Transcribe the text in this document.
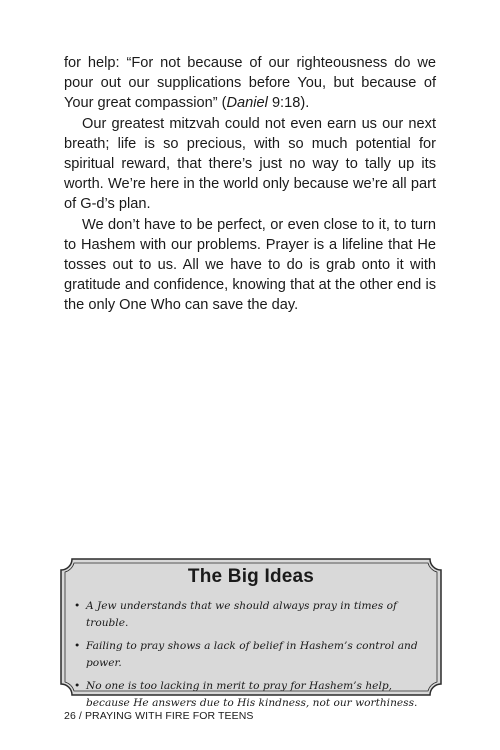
for help: “For not because of our righteousness do we pour out our supplications before You, but because of Your great compassion” (Daniel 9:18).

Our greatest mitzvah could not even earn us our next breath; life is so precious, with so much potential for spiritual reward, that there’s just no way to tally up its worth. We’re here in the world only because we’re all part of G-d’s plan.

We don’t have to be perfect, or even close to it, to turn to Hashem with our problems. Prayer is a lifeline that He tosses out to us. All we have to do is grab onto it with gratitude and confidence, knowing that at the other end is the only One Who can save the day.

The Big Ideas
• A Jew understands that we should always pray in times of trouble.
• Failing to pray shows a lack of belief in Hashem’s control and power.
• No one is too lacking in merit to pray for Hashem’s help, because He answers due to His kindness, not our worthiness.
26 / PRAYING WITH FIRE FOR TEENS
